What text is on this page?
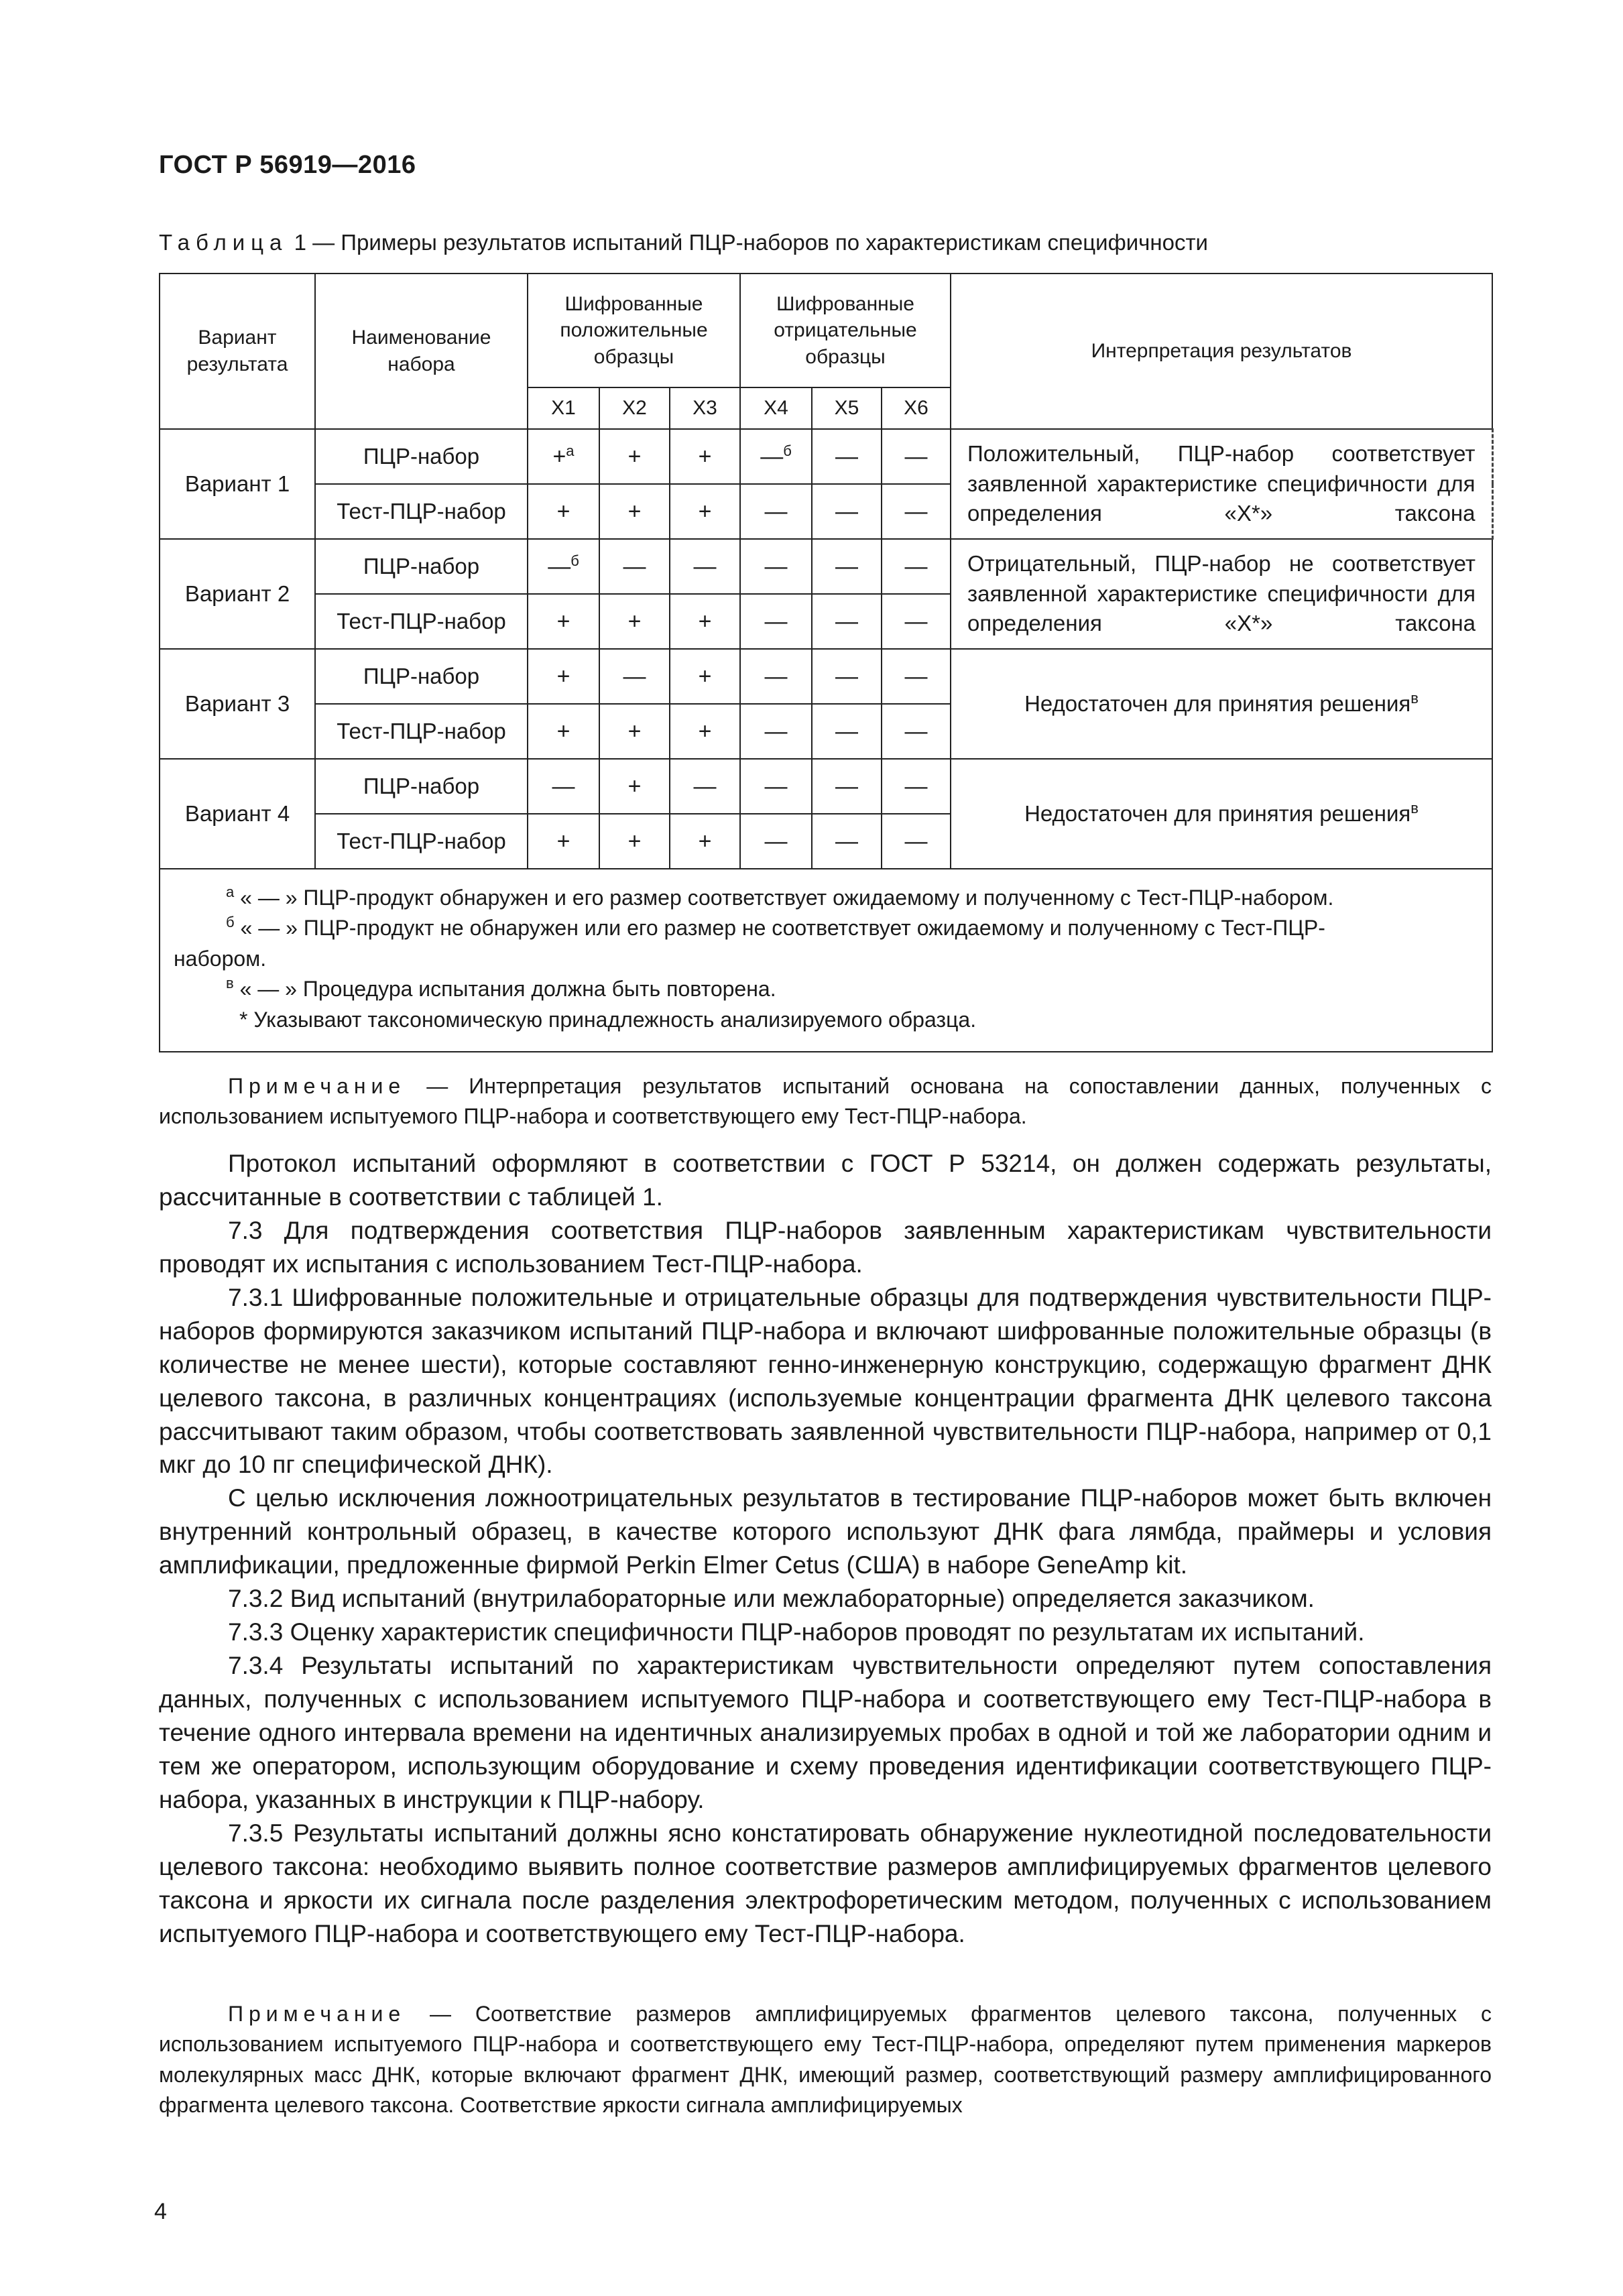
ГОСТ Р 56919—2016
Таблица 1 — Примеры результатов испытаний ПЦР-наборов по характеристикам специфичности
Вариант результата	Наименование набора	Шифрованные положительные образцы			Шифрованные отрицательные образцы			Интерпретация результатов
		Х1	Х2	Х3	Х4	Х5	Х6	
Вариант 1	ПЦР-набор	+$^а$	+	+	—$^б$	—	—	Положительный, ПЦР-набор соответствует заявленной характеристике специфичности для определения «Х*» таксона
	Тест-ПЦР-набор	+	+	+	—	—	—	
Вариант 2	ПЦР-набор	—$^б$	—	—	—	—	—	Отрицательный, ПЦР-набор не соответствует заявленной характеристике специфичности для определения «Х*» таксона
	Тест-ПЦР-набор	+	+	+	—	—	—	
Вариант 3	ПЦР-набор	+	—	+	—	—	—	Недостаточен для принятия решения$^в$
	Тест-ПЦР-набор	+	+	+	—	—	—	
Вариант 4	ПЦР-набор	—	+	—	—	—	—	Недостаточен для принятия решения$^в$
	Тест-ПЦР-набор	+	+	+	—	—	—	

$^а$ « — » ПЦР-продукт обнаружен и его размер соответствует ожидаемому и полученному с Тест-ПЦР-набором.
$^б$ « — » ПЦР-продукт не обнаружен или его размер не соответствует ожидаемому и полученному с Тест-ПЦР-
набором.
$^в$ « — » Процедура испытания должна быть повторена.
* Указывают таксономическую принадлежность анализируемого образца.								
Примечание — Интерпретация результатов испытаний основана на сопоставлении данных, полученных с использованием испытуемого ПЦР-набора и соответствующего ему Тест-ПЦР-набора.

Протокол испытаний оформляют в соответствии с ГОСТ Р 53214, он должен содержать результаты, рассчитанные в соответствии с таблицей 1.

7.3 Для подтверждения соответствия ПЦР-наборов заявленным характеристикам чувствительности проводят их испытания с использованием Тест-ПЦР-набора.

7.3.1 Шифрованные положительные и отрицательные образцы для подтверждения чувствительности ПЦР-наборов формируются заказчиком испытаний ПЦР-набора и включают шифрованные положительные образцы (в количестве не менее шести), которые составляют генно-инженерную конструкцию, содержащую фрагмент ДНК целевого таксона, в различных концентрациях (используемые концентрации фрагмента ДНК целевого таксона рассчитывают таким образом, чтобы соответствовать заявленной чувствительности ПЦР-набора, например от 0,1 мкг до 10 пг специфической ДНК).

С целью исключения ложноотрицательных результатов в тестирование ПЦР-наборов может быть включен внутренний контрольный образец, в качестве которого используют ДНК фага лямбда, праймеры и условия амплификации, предложенные фирмой Perkin Elmer Cetus (США) в наборе GeneAmp kit.

7.3.2 Вид испытаний (внутрилабораторные или межлабораторные) определяется заказчиком.

7.3.3 Оценку характеристик специфичности ПЦР-наборов проводят по результатам их испытаний.

7.3.4 Результаты испытаний по характеристикам чувствительности определяют путем сопоставления данных, полученных с использованием испытуемого ПЦР-набора и соответствующего ему Тест-ПЦР-набора в течение одного интервала времени на идентичных анализируемых пробах в одной и той же лаборатории одним и тем же оператором, использующим оборудование и схему проведения идентификации соответствующего ПЦР-набора, указанных в инструкции к ПЦР-набору.

7.3.5 Результаты испытаний должны ясно констатировать обнаружение нуклеотидной последовательности целевого таксона: необходимо выявить полное соответствие размеров амплифицируемых фрагментов целевого таксона и яркости их сигнала после разделения электрофоретическим методом, полученных с использованием испытуемого ПЦР-набора и соответствующего ему Тест-ПЦР-набора.

Примечание — Соответствие размеров амплифицируемых фрагментов целевого таксона, полученных с использованием испытуемого ПЦР-набора и соответствующего ему Тест-ПЦР-набора, определяют путем применения маркеров молекулярных масс ДНК, которые включают фрагмент ДНК, имеющий размер, соответствующий размеру амплифицированного фрагмента целевого таксона. Соответствие яркости сигнала амплифицируемых
4
